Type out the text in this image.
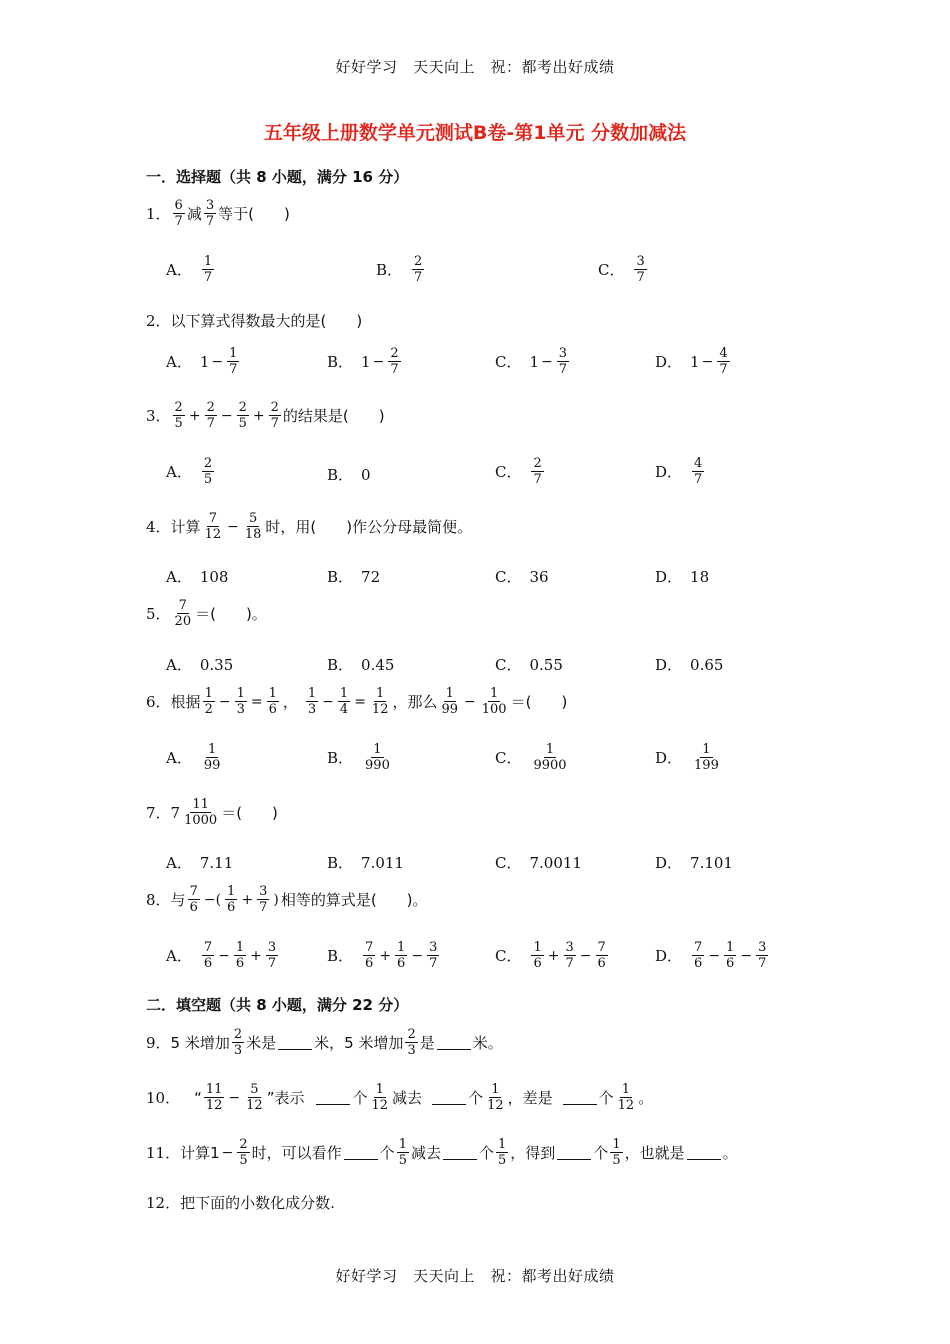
好好学习　天天向上　祝：都考出好成绩
五年级上册数学单元测试B卷-第1单元 分数加减法
一．选择题（共 8 小题，满分 16 分）
1． $\frac{6}{7}$ 减 $\frac{3}{7}$ 等于(　　)
A． $\frac{1}{7}$	B． $\frac{2}{7}$	C． $\frac{3}{7}$
2． 以下算式得数最大的是(　　)
A． $1 - \frac{1}{7}$	B． $1 - \frac{2}{7}$	C． $1 - \frac{3}{7}$	D． $1 - \frac{4}{7}$
3． $\frac{2}{5} + \frac{2}{7} - \frac{2}{5} + \frac{2}{7}$ 的结果是(　　)
A． $\frac{2}{5}$	B． 0	C． $\frac{2}{7}$	D． $\frac{4}{7}$
4． 计算 $\frac{7}{12} - \frac{5}{18}$ 时，用(　　)作公分母最简便。
A． 108	B． 72	C． 36	D． 18
5． $\frac{7}{20}$ ＝(　　)。
A． 0.35	B． 0.45	C． 0.55	D． 0.65
6． 根据 $\frac{1}{2} - \frac{1}{3} = \frac{1}{6}$ ， $\frac{1}{3} - \frac{1}{4} = \frac{1}{12}$ ，那么 $\frac{1}{99} - \frac{1}{100}$ ＝(　　)
A． $\frac{1}{99}$	B． $\frac{1}{990}$	C． $\frac{1}{9900}$	D． $\frac{1}{199}$
7． $7 \frac{11}{1000}$ ＝(　　)
A． 7.11	B． 7.011	C． 7.0011	D． 7.101
8． 与 $\frac{7}{6}$ −( $\frac{1}{6} + \frac{3}{7}$ ) 相等的算式是(　　)。
A． $\frac{7}{6} - \frac{1}{6} + \frac{3}{7}$	B． $\frac{7}{6} + \frac{1}{6} - \frac{3}{7}$	C． $\frac{1}{6} + \frac{3}{7} - \frac{7}{6}$	D． $\frac{7}{6} - \frac{1}{6} - \frac{3}{7}$
二．填空题（共 8 小题，满分 22 分）
9． 5 米增加 $\frac{2}{3}$ 米是	米，5 米增加 $\frac{2}{3}$ 是	米。
10． “ $\frac{11}{12} - \frac{5}{12}$ ”表示	个 $\frac{1}{12}$ 减去	个 $\frac{1}{12}$ ，差是	个 $\frac{1}{12}$ 。
11． 计算$1 - \frac{2}{5}$ 时，可以看作	个 $\frac{1}{5}$ 减去	个 $\frac{1}{5}$ ，得到	个 $\frac{1}{5}$ ，也就是	。
12． 把下面的小数化成分数.
好好学习　天天向上　祝：都考出好成绩
